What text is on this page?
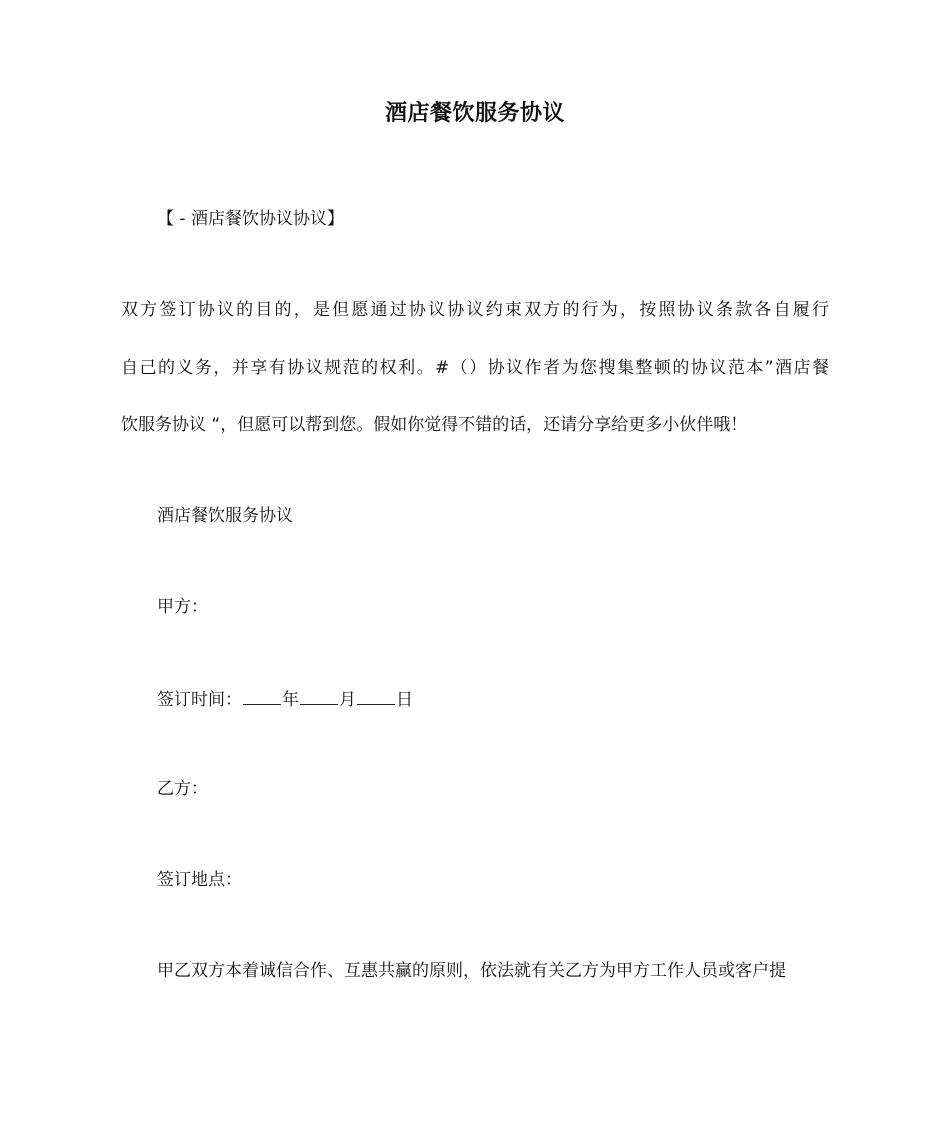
酒店餐饮服务协议
【 - 酒店餐饮协议协议】
双方签订协议的目的，是但愿通过协议协议约束双方的行为，按照协议条款各自履行
自己的义务，并享有协议规范的权利。#（）协议作者为您搜集整顿的协议范本”酒店餐
饮服务协议 “，但愿可以帮到您。假如你觉得不错的话，还请分享给更多小伙伴哦！
酒店餐饮服务协议
甲方：
签订时间： 年 月 日
乙方：
签订地点：
甲乙双方本着诚信合作、互惠共赢的原则，依法就有关乙方为甲方工作人员或客户提
